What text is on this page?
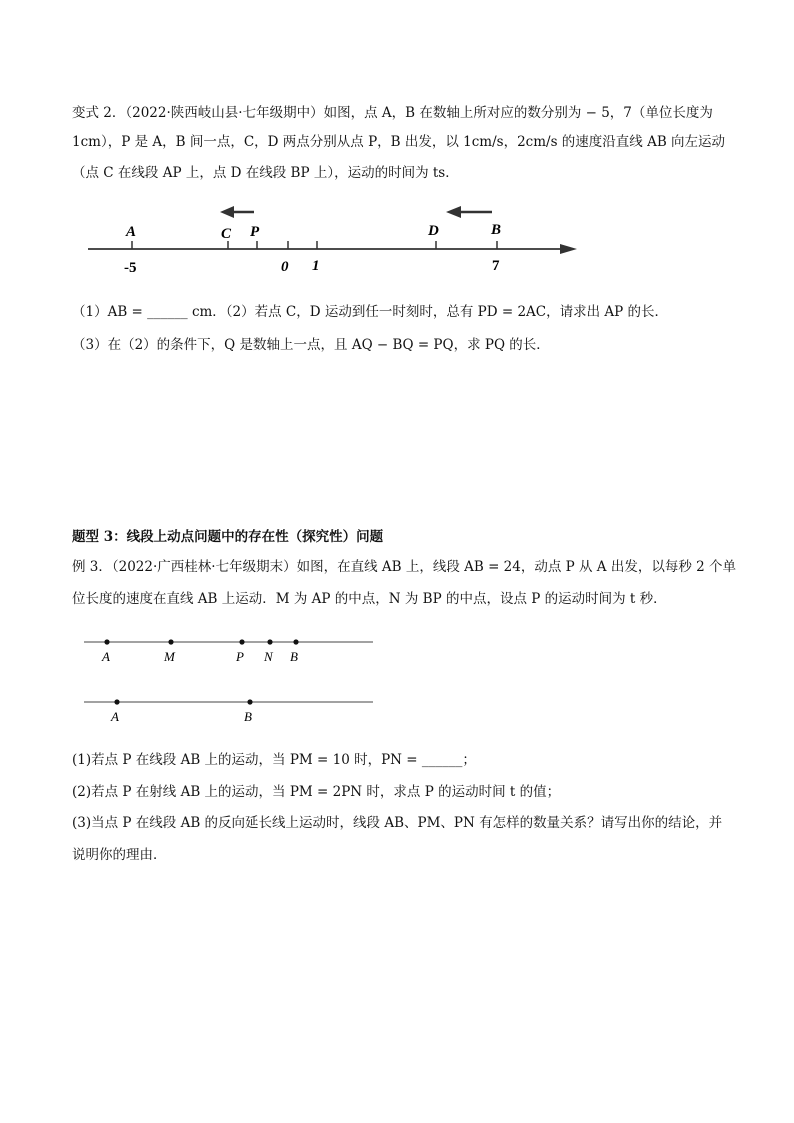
变式 2．（2022·陕西岐山县·七年级期中）如图，点 A，B 在数轴上所对应的数分别为 − 5，7（单位长度为
1cm），P 是 A，B 间一点，C，D 两点分别从点 P，B 出发，以 1cm/s，2cm/s 的速度沿直线 AB 向左运动
（点 C 在线段 AP 上，点 D 在线段 BP 上），运动的时间为 ts．
A	C P	D	B
-5	0 1	7
（1）AB = ______ cm．（2）若点 C，D 运动到任一时刻时，总有 PD = 2AC，请求出 AP 的长．
（3）在（2）的条件下，Q 是数轴上一点，且 AQ − BQ = PQ，求 PQ 的长．
题型 3：线段上动点问题中的存在性（探究性）问题
例 3．（2022·广西桂林·七年级期末）如图，在直线 AB 上，线段 AB = 24，动点 P 从 A 出发，以每秒 2 个单
位长度的速度在直线 AB 上运动．M 为 AP 的中点，N 为 BP 的中点，设点 P 的运动时间为 t 秒．
A	M	P N B
A	B
(1)若点 P 在线段 AB 上的运动，当 PM = 10 时，PN = ______；
(2)若点 P 在射线 AB 上的运动，当 PM = 2PN 时，求点 P 的运动时间 t 的值；
(3)当点 P 在线段 AB 的反向延长线上运动时，线段 AB、PM、PN 有怎样的数量关系？请写出你的结论，并
说明你的理由．
